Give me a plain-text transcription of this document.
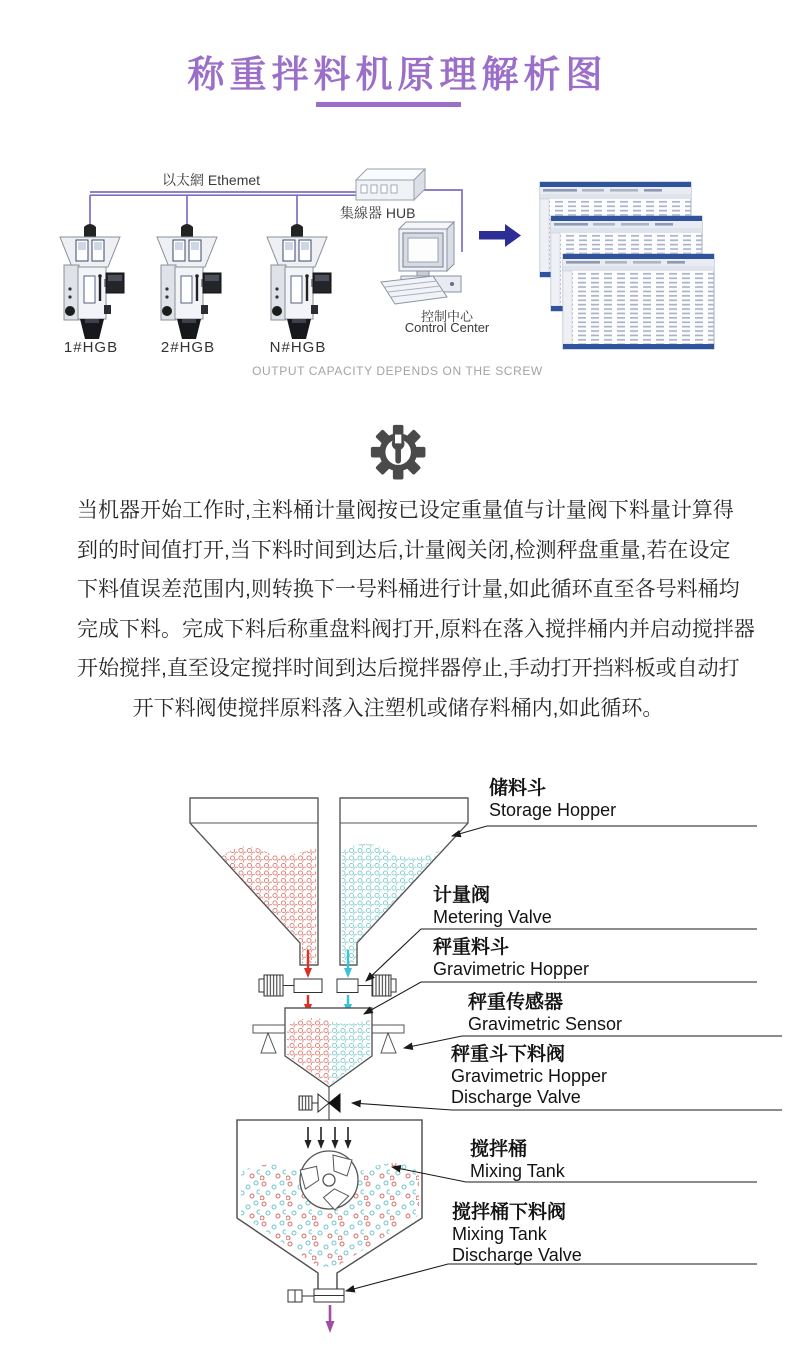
称重拌料机原理解析图
以太網 Ethemet
集線器 HUB
1#HGB	2#HGB	N#HGB
控制中心
Control Center
OUTPUT CAPACITY DEPENDS ON THE SCREW
当机器开始工作时,主料桶计量阀按已设定重量值与计量阀下料量计算得
到的时间值打开,当下料时间到达后,计量阀关闭,检测秤盘重量,若在设定
下料值误差范围内,则转换下一号料桶进行计量,如此循环直至各号料桶均
完成下料。完成下料后称重盘料阀打开,原料在落入搅拌桶内并启动搅拌器
开始搅拌,直至设定搅拌时间到达后搅拌器停止,手动打开挡料板或自动打
开下料阀使搅拌原料落入注塑机或储存料桶内,如此循环。
储料斗
Storage Hopper
计量阀
Metering Valve
秤重料斗
Gravimetric Hopper
秤重传感器
Gravimetric Sensor
秤重斗下料阀
Gravimetric Hopper
Discharge Valve
搅拌桶
Mixing Tank
搅拌桶下料阀
Mixing Tank
Discharge Valve
